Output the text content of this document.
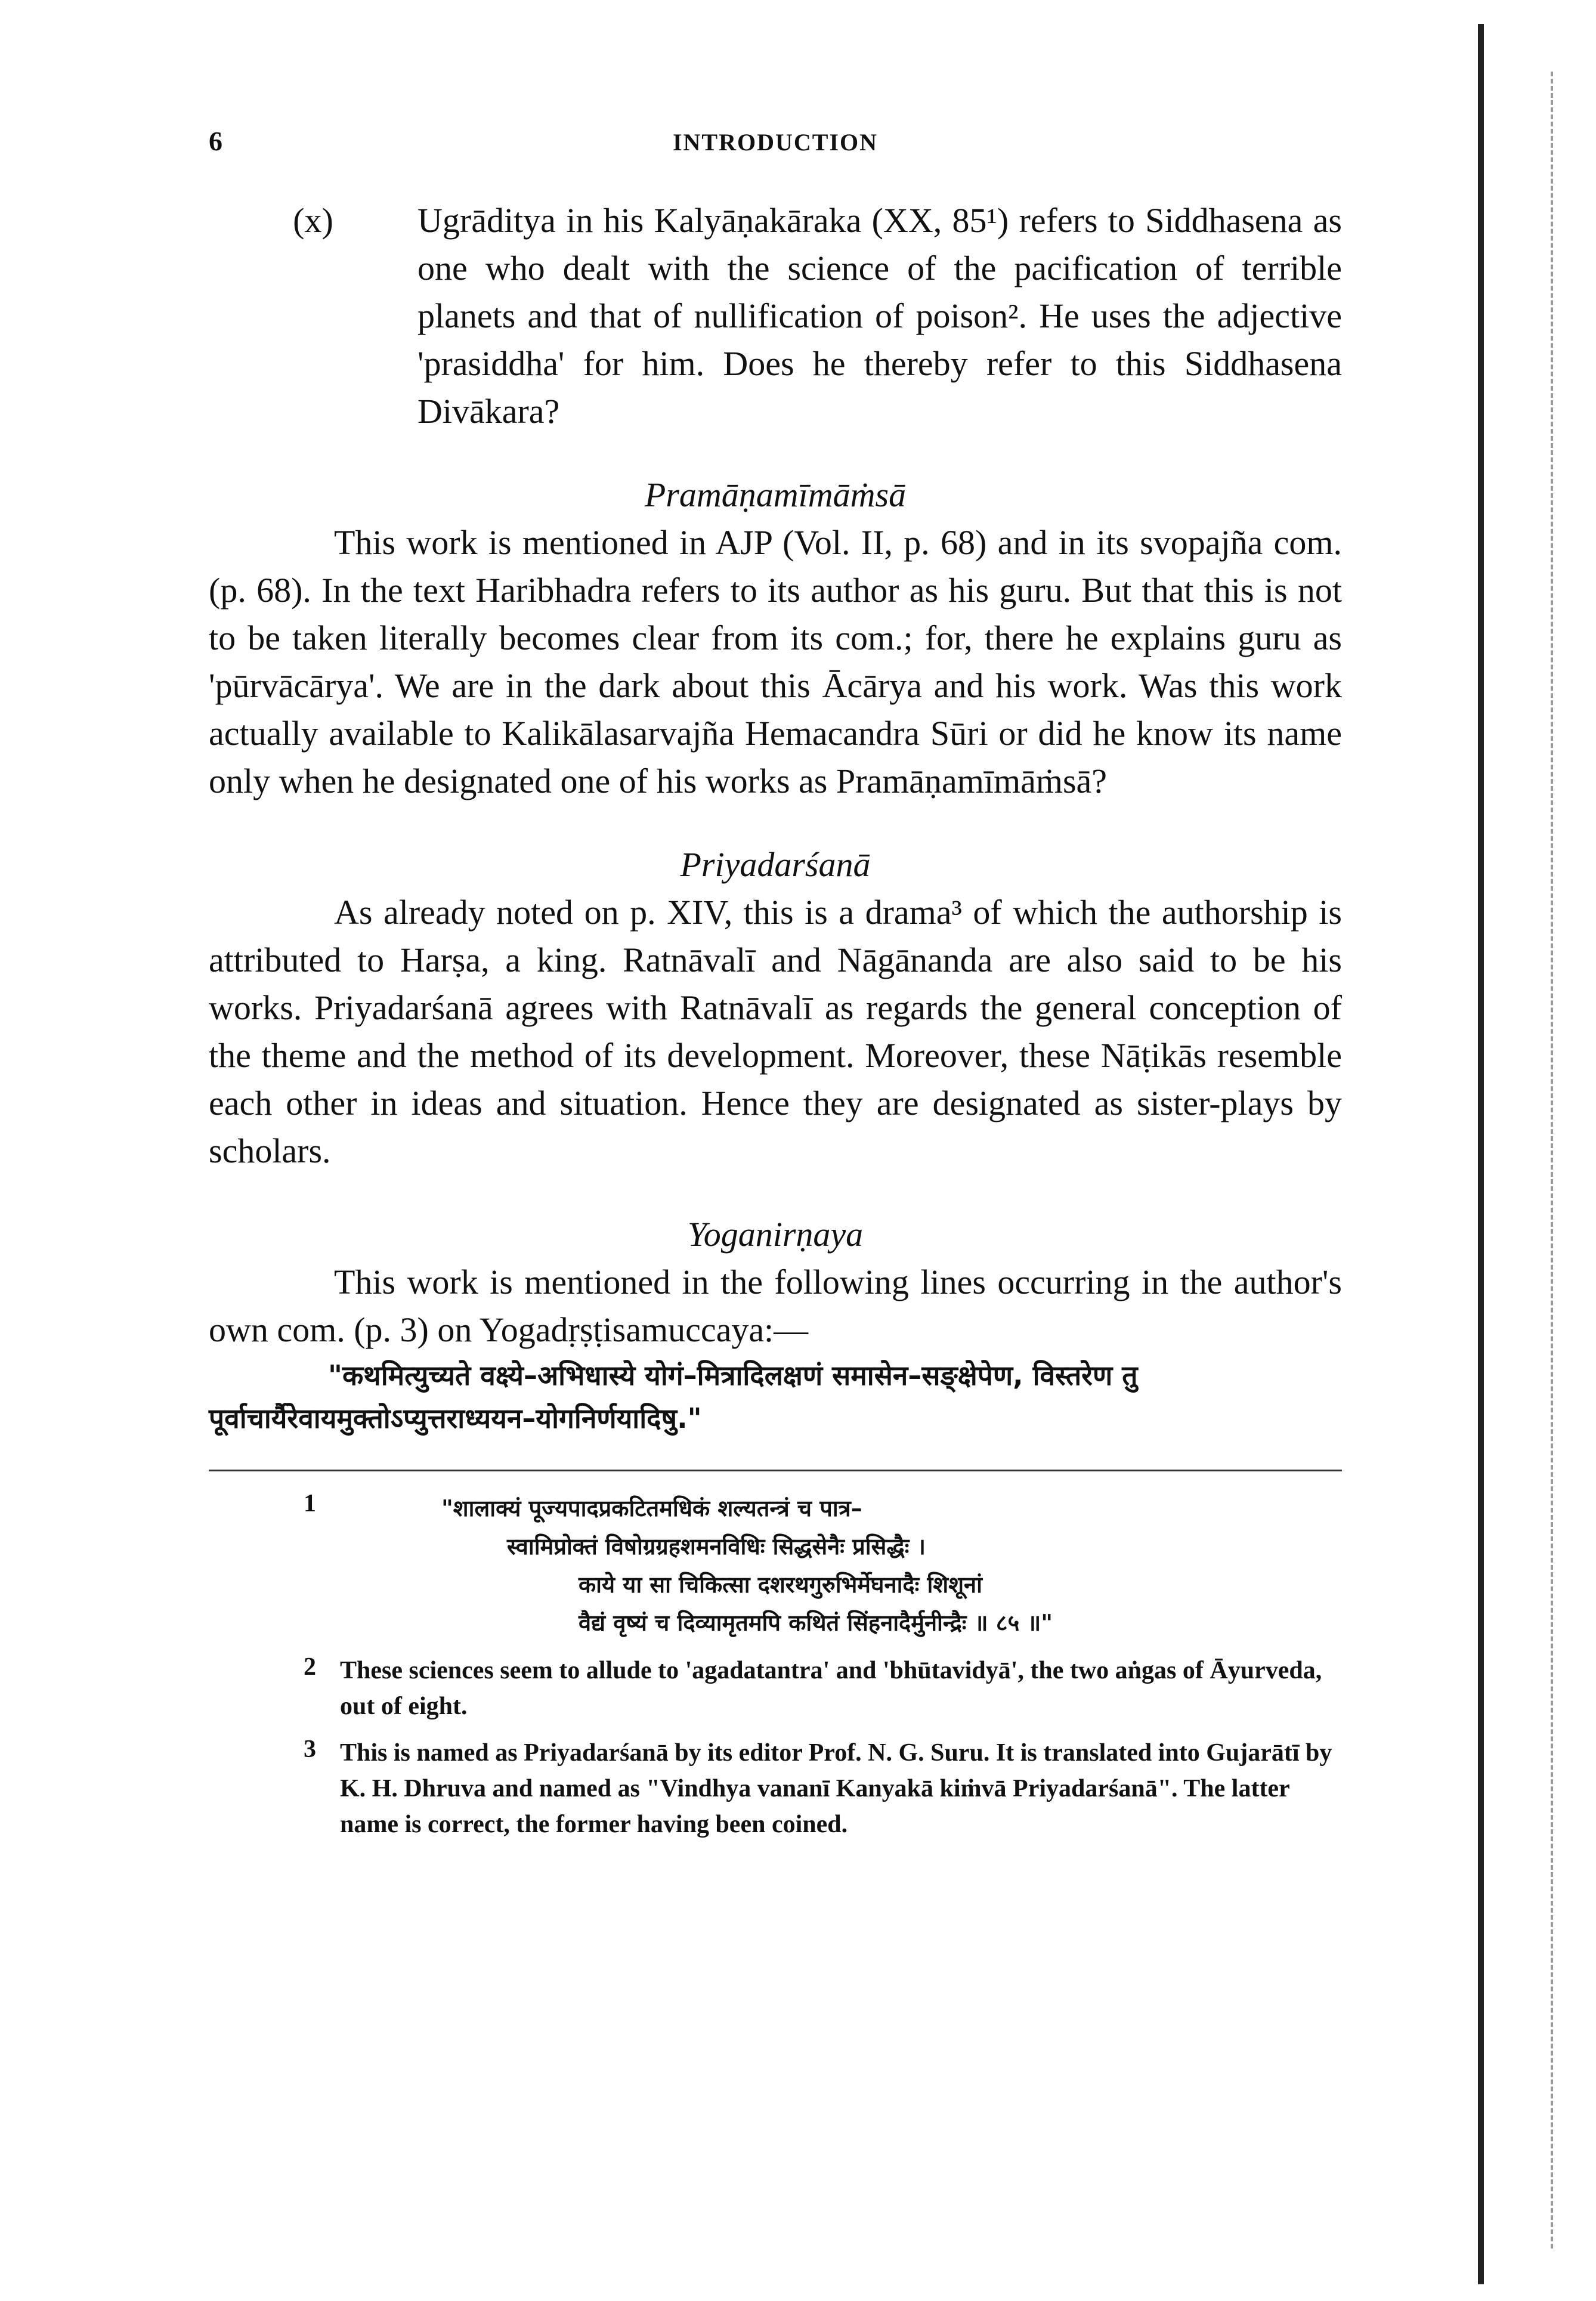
6	INTRODUCTION
(x)	Ugrāditya in his Kalyāṇakāraka (XX, 85¹) refers to Siddhasena as one who dealt with the science of the pacification of terrible planets and that of nullification of poison². He uses the adjective 'prasiddha' for him. Does he thereby refer to this Siddhasena Divākara?

Pramāṇamīmāṁsā

This work is mentioned in AJP (Vol. II, p. 68) and in its svopajña com. (p. 68). In the text Haribhadra refers to its author as his guru. But that this is not to be taken literally becomes clear from its com.; for, there he explains guru as 'pūrvācārya'. We are in the dark about this Ācārya and his work. Was this work actually available to Kalikālasarvajña Hemacandra Sūri or did he know its name only when he designated one of his works as Pramāṇamīmāṁsā?

Priyadarśanā

As already noted on p. XIV, this is a drama³ of which the authorship is attributed to Harṣa, a king. Ratnāvalī and Nāgānanda are also said to be his works. Priyadarśanā agrees with Ratnāvalī as regards the general conception of the theme and the method of its development. Moreover, these Nāṭikās resemble each other in ideas and situation. Hence they are designated as sister-plays by scholars.

Yoganirṇaya

This work is mentioned in the following lines occurring in the author's own com. (p. 3) on Yogadṛṣṭisamuccaya:—

"कथमित्युच्यते वक्ष्ये–अभिधास्ये योगं–मित्रादिलक्षणं समासेन–सङ्क्षेपेण, विस्तरेण तु पूर्वाचार्यैरेवायमुक्तोऽप्युत्तराध्ययन–योगनिर्णयादिषु."

1	"शालाक्यं पूज्यपादप्रकटितमधिकं शल्यतन्त्रं च पात्र–
स्वामिप्रोक्तं विषोग्रग्रहशमनविधिः सिद्धसेनैः प्रसिद्धैः ।
काये या सा चिकित्सा दशरथगुरुभिर्मेघनादैः शिशूनां
वैद्यं वृष्यं च दिव्यामृतमपि कथितं सिंहनादैर्मुनीन्द्रैः ॥ ८५ ॥"
2 These sciences seem to allude to 'agadatantra' and 'bhūtavidyā', the two aṅgas of Āyurveda, out of eight.
3 This is named as Priyadarśanā by its editor Prof. N. G. Suru. It is translated into Gujarātī by K. H. Dhruva and named as "Vindhya vananī Kanyakā kiṁvā Priyadarśanā". The latter name is correct, the former having been coined.
